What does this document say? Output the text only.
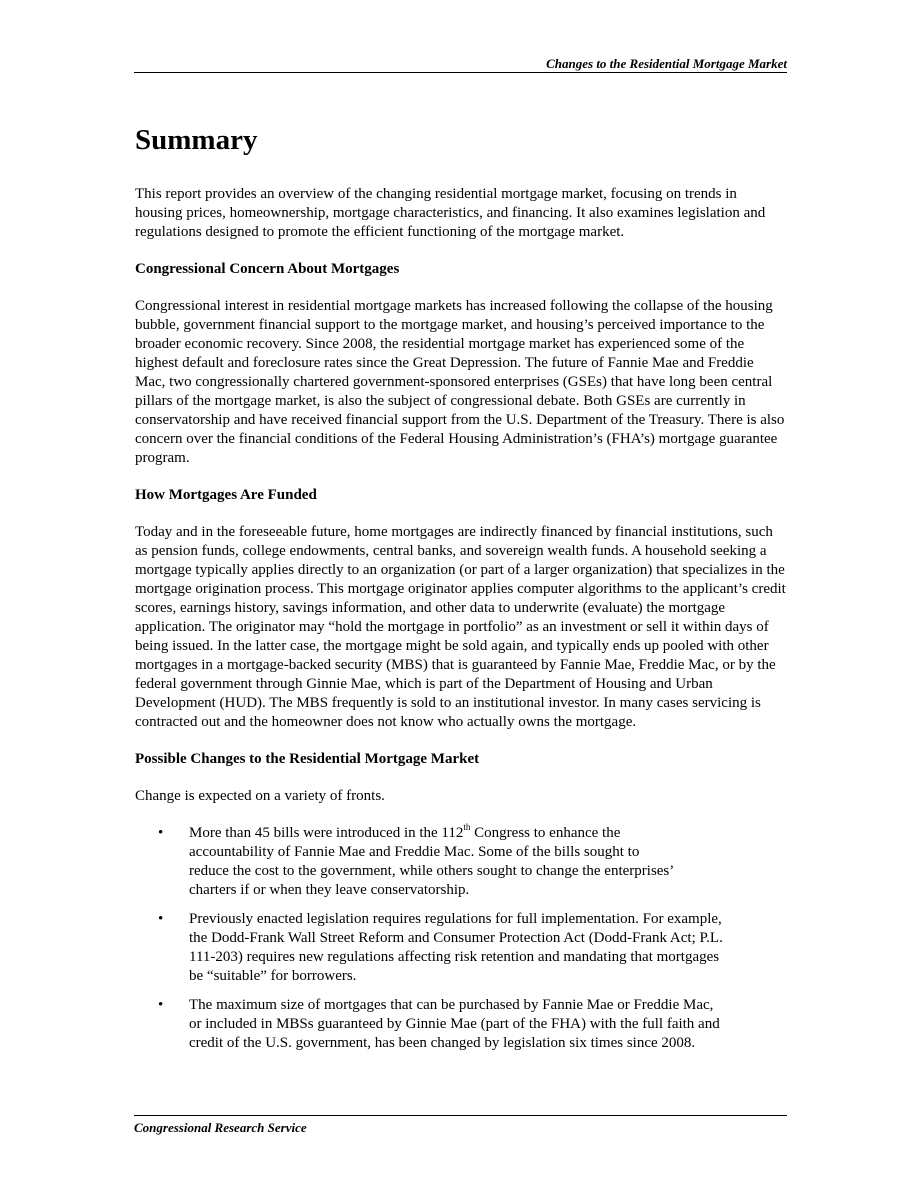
Changes to the Residential Mortgage Market
Summary

This report provides an overview of the changing residential mortgage market, focusing on trends in housing prices, homeownership, mortgage characteristics, and financing. It also examines legislation and regulations designed to promote the efficient functioning of the mortgage market.

Congressional Concern About Mortgages

Congressional interest in residential mortgage markets has increased following the collapse of the housing bubble, government financial support to the mortgage market, and housing’s perceived importance to the broader economic recovery. Since 2008, the residential mortgage market has experienced some of the highest default and foreclosure rates since the Great Depression. The future of Fannie Mae and Freddie Mac, two congressionally chartered government-sponsored enterprises (GSEs) that have long been central pillars of the mortgage market, is also the subject of congressional debate. Both GSEs are currently in conservatorship and have received financial support from the U.S. Department of the Treasury. There is also concern over the financial conditions of the Federal Housing Administration’s (FHA’s) mortgage guarantee program.

How Mortgages Are Funded

Today and in the foreseeable future, home mortgages are indirectly financed by financial institutions, such as pension funds, college endowments, central banks, and sovereign wealth funds. A household seeking a mortgage typically applies directly to an organization (or part of a larger organization) that specializes in the mortgage origination process. This mortgage originator applies computer algorithms to the applicant’s credit scores, earnings history, savings information, and other data to underwrite (evaluate) the mortgage application. The originator may “hold the mortgage in portfolio” as an investment or sell it within days of being issued. In the latter case, the mortgage might be sold again, and typically ends up pooled with other mortgages in a mortgage-backed security (MBS) that is guaranteed by Fannie Mae, Freddie Mac, or by the federal government through Ginnie Mae, which is part of the Department of Housing and Urban Development (HUD). The MBS frequently is sold to an institutional investor. In many cases servicing is contracted out and the homeowner does not know who actually owns the mortgage.

Possible Changes to the Residential Mortgage Market

Change is expected on a variety of fronts.

• More than 45 bills were introduced in the 112th Congress to enhance the accountability of Fannie Mae and Freddie Mac. Some of the bills sought to reduce the cost to the government, while others sought to change the enterprises’ charters if or when they leave conservatorship.
• Previously enacted legislation requires regulations for full implementation. For example, the Dodd-Frank Wall Street Reform and Consumer Protection Act (Dodd-Frank Act; P.L. 111-203) requires new regulations affecting risk retention and mandating that mortgages be “suitable” for borrowers.
• The maximum size of mortgages that can be purchased by Fannie Mae or Freddie Mac, or included in MBSs guaranteed by Ginnie Mae (part of the FHA) with the full faith and credit of the U.S. government, has been changed by legislation six times since 2008.
Congressional Research Service
